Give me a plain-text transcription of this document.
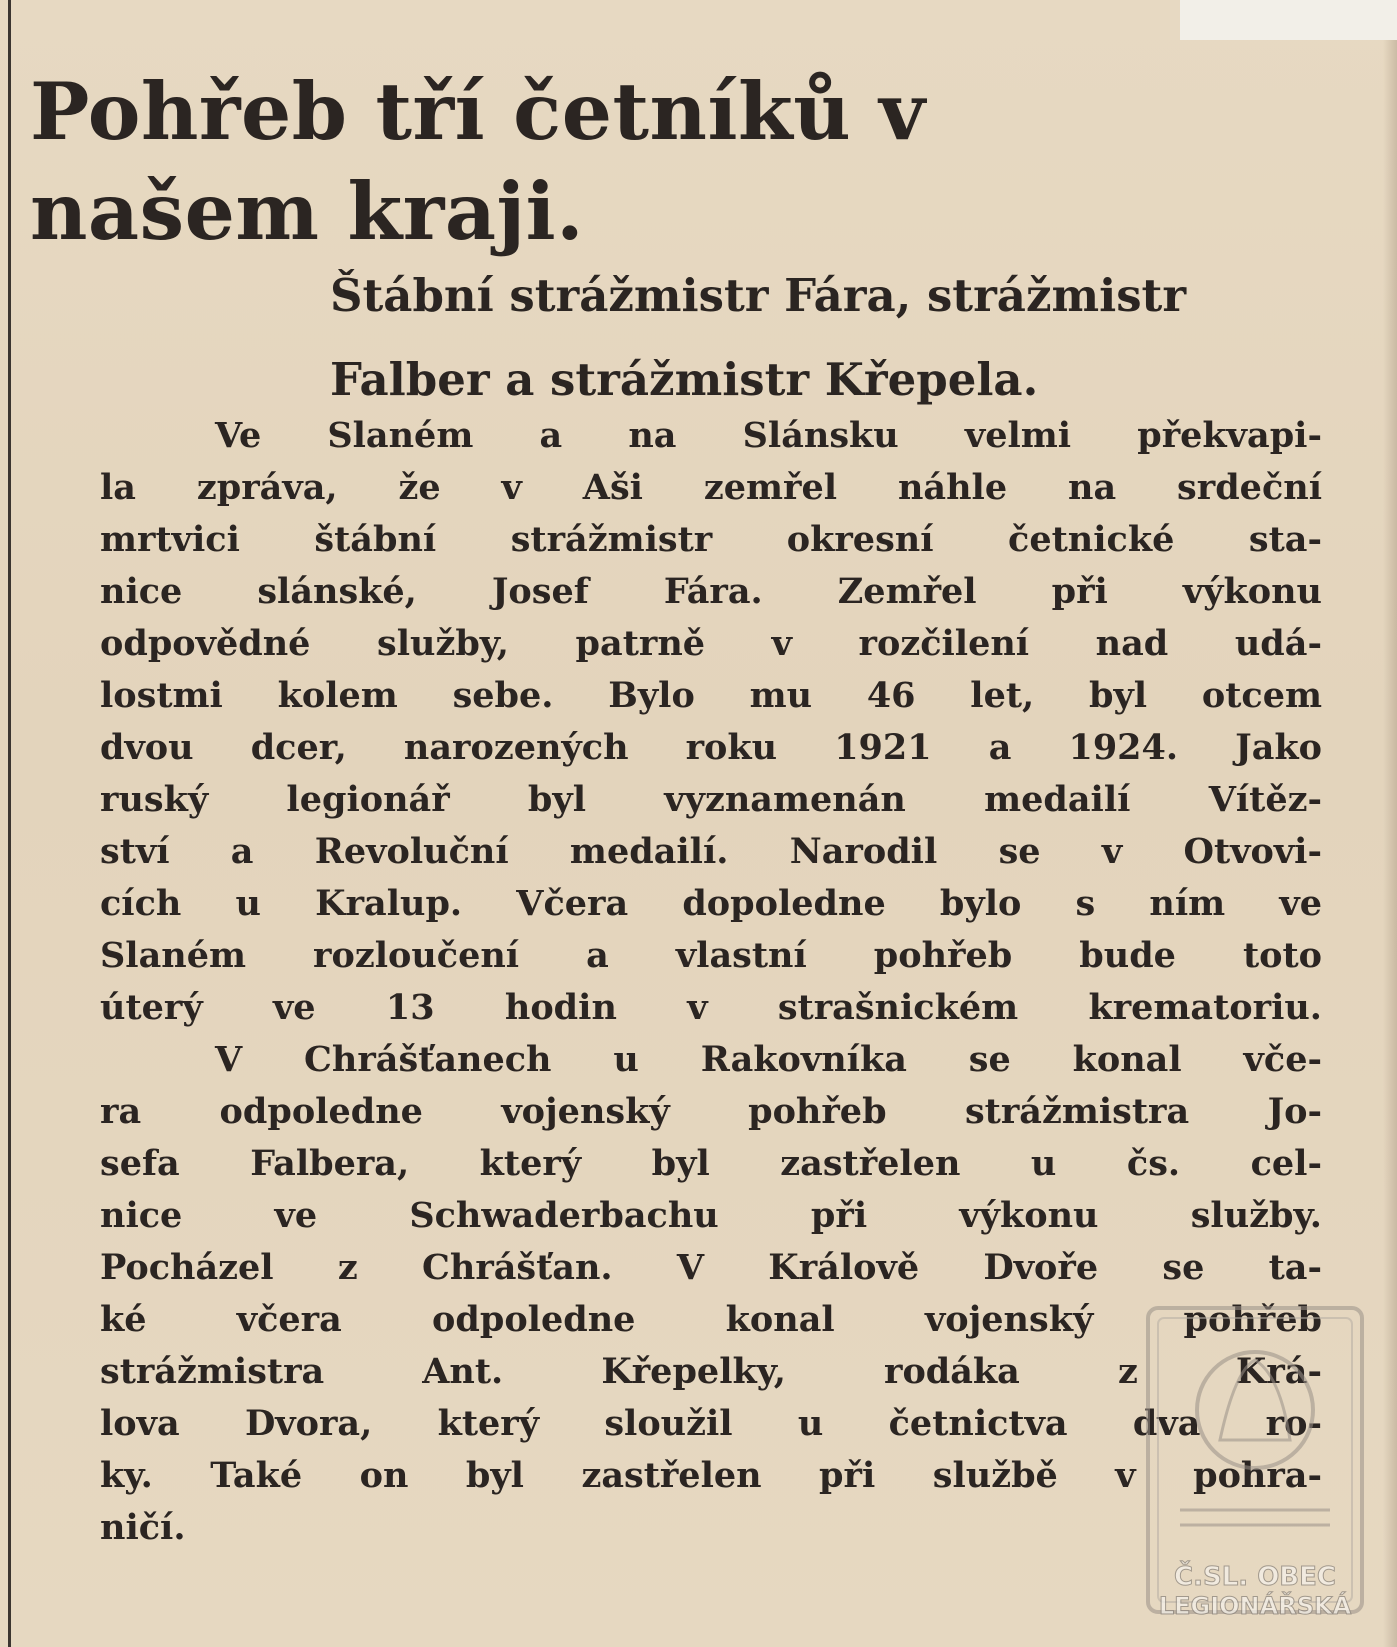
Pohřeb tří četníků v našem kraji.

Štábní strážmistr Fára, strážmistr

Falber a strážmistr Křepela.

Ve Slaném a na Slánsku velmi překvapi-

la zpráva, že v Aši zemřel náhle na srdeční

mrtvici štábní strážmistr okresní četnické sta-

nice slánské, Josef Fára. Zemřel při výkonu

odpovědné služby, patrně v rozčilení nad udá-

lostmi kolem sebe. Bylo mu 46 let, byl otcem

dvou dcer, narozených roku 1921 a 1924. Jako

ruský legionář byl vyznamenán medailí Vítěz-

ství a Revoluční medailí. Narodil se v Otvovi-

cích u Kralup. Včera dopoledne bylo s ním ve

Slaném rozloučení a vlastní pohřeb bude toto

úterý ve 13 hodin v strašnickém krematoriu.

V Chrášťanech u Rakovníka se konal vče-

ra odpoledne vojenský pohřeb strážmistra Jo-

sefa Falbera, který byl zastřelen u čs. cel-

nice ve Schwaderbachu při výkonu služby.

Pocházel z Chrášťan. V Králově Dvoře se ta-

ké včera odpoledne konal vojenský pohřeb

strážmistra Ant. Křepelky, rodáka z Krá-

lova Dvora, který sloužil u četnictva dva ro-

ky. Také on byl zastřelen při službě v pohra-

ničí.

Č.SL. OBEC
LEGIONÁŘSKÁ
